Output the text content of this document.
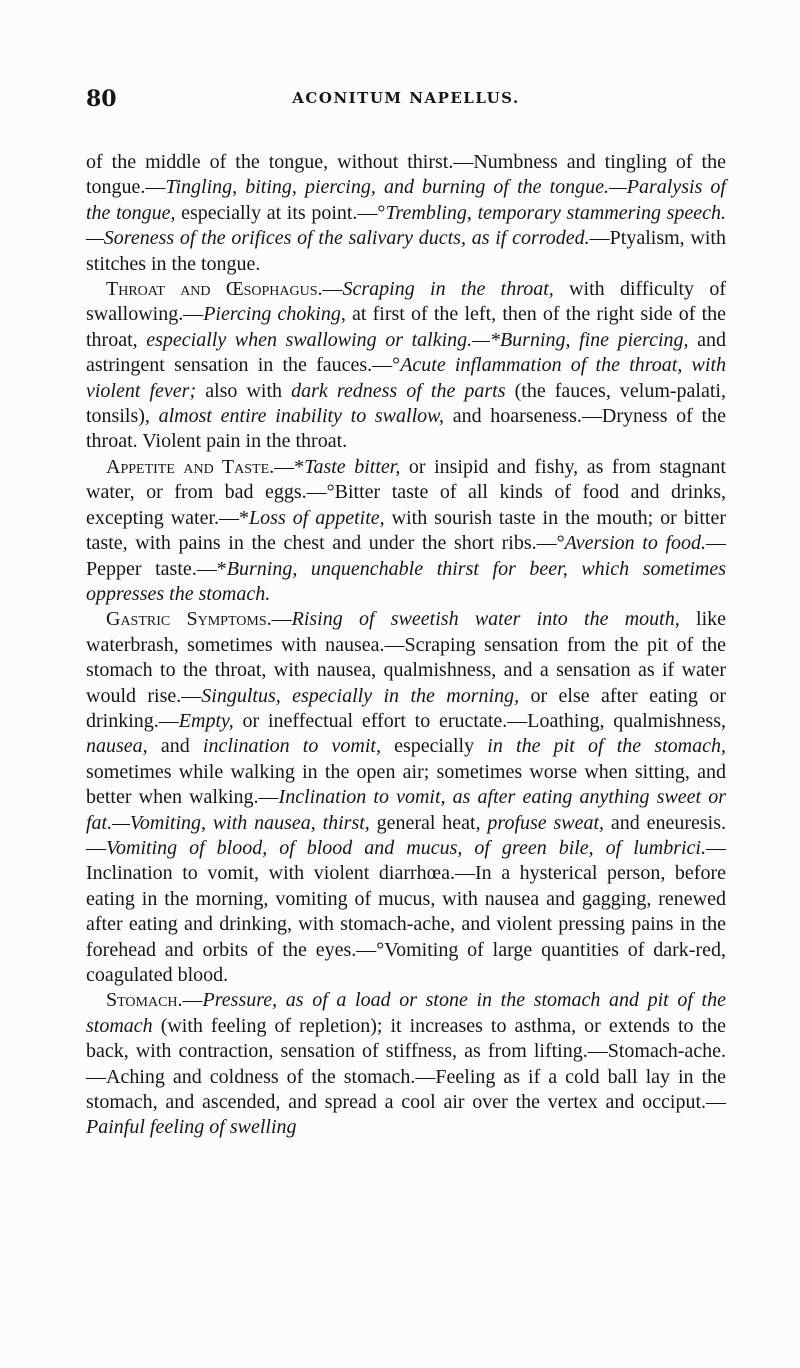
80	ACONITUM NAPELLUS.

of the middle of the tongue, without thirst.—Numbness and tingling of the tongue.—Tingling, biting, piercing, and burning of the tongue.—Paralysis of the tongue, especially at its point.—°Trembling, temporary stammering speech.—Soreness of the orifices of the salivary ducts, as if corroded.—Ptyalism, with stitches in the tongue.

Throat and Œsophagus.—Scraping in the throat, with difficulty of swallowing.—Piercing choking, at first of the left, then of the right side of the throat, especially when swallowing or talking.—*Burning, fine piercing, and astringent sensation in the fauces.—°Acute inflammation of the throat, with violent fever; also with dark redness of the parts (the fauces, velum-palati, tonsils), almost entire inability to swallow, and hoarseness.—Dryness of the throat. Violent pain in the throat.

Appetite and Taste.—*Taste bitter, or insipid and fishy, as from stagnant water, or from bad eggs.—°Bitter taste of all kinds of food and drinks, excepting water.—*Loss of appetite, with sourish taste in the mouth; or bitter taste, with pains in the chest and under the short ribs.—°Aversion to food.—Pepper taste.—*Burning, unquenchable thirst for beer, which sometimes oppresses the stomach.

Gastric Symptoms.—Rising of sweetish water into the mouth, like waterbrash, sometimes with nausea.—Scraping sensation from the pit of the stomach to the throat, with nausea, qualmishness, and a sensation as if water would rise.—Singultus, especially in the morning, or else after eating or drinking.—Empty, or ineffectual effort to eructate.—Loathing, qualmishness, nausea, and inclination to vomit, especially in the pit of the stomach, sometimes while walking in the open air; sometimes worse when sitting, and better when walking.—Inclination to vomit, as after eating anything sweet or fat.—Vomiting, with nausea, thirst, general heat, profuse sweat, and eneuresis.—Vomiting of blood, of blood and mucus, of green bile, of lumbrici.—Inclination to vomit, with violent diarrhœa.—In a hysterical person, before eating in the morning, vomiting of mucus, with nausea and gagging, renewed after eating and drinking, with stomach-ache, and violent pressing pains in the forehead and orbits of the eyes.—°Vomiting of large quantities of dark-red, coagulated blood.

Stomach.—Pressure, as of a load or stone in the stomach and pit of the stomach (with feeling of repletion); it increases to asthma, or extends to the back, with contraction, sensation of stiffness, as from lifting.—Stomach-ache.—Aching and coldness of the stomach.—Feeling as if a cold ball lay in the stomach, and ascended, and spread a cool air over the vertex and occiput.—Painful feeling of swelling
